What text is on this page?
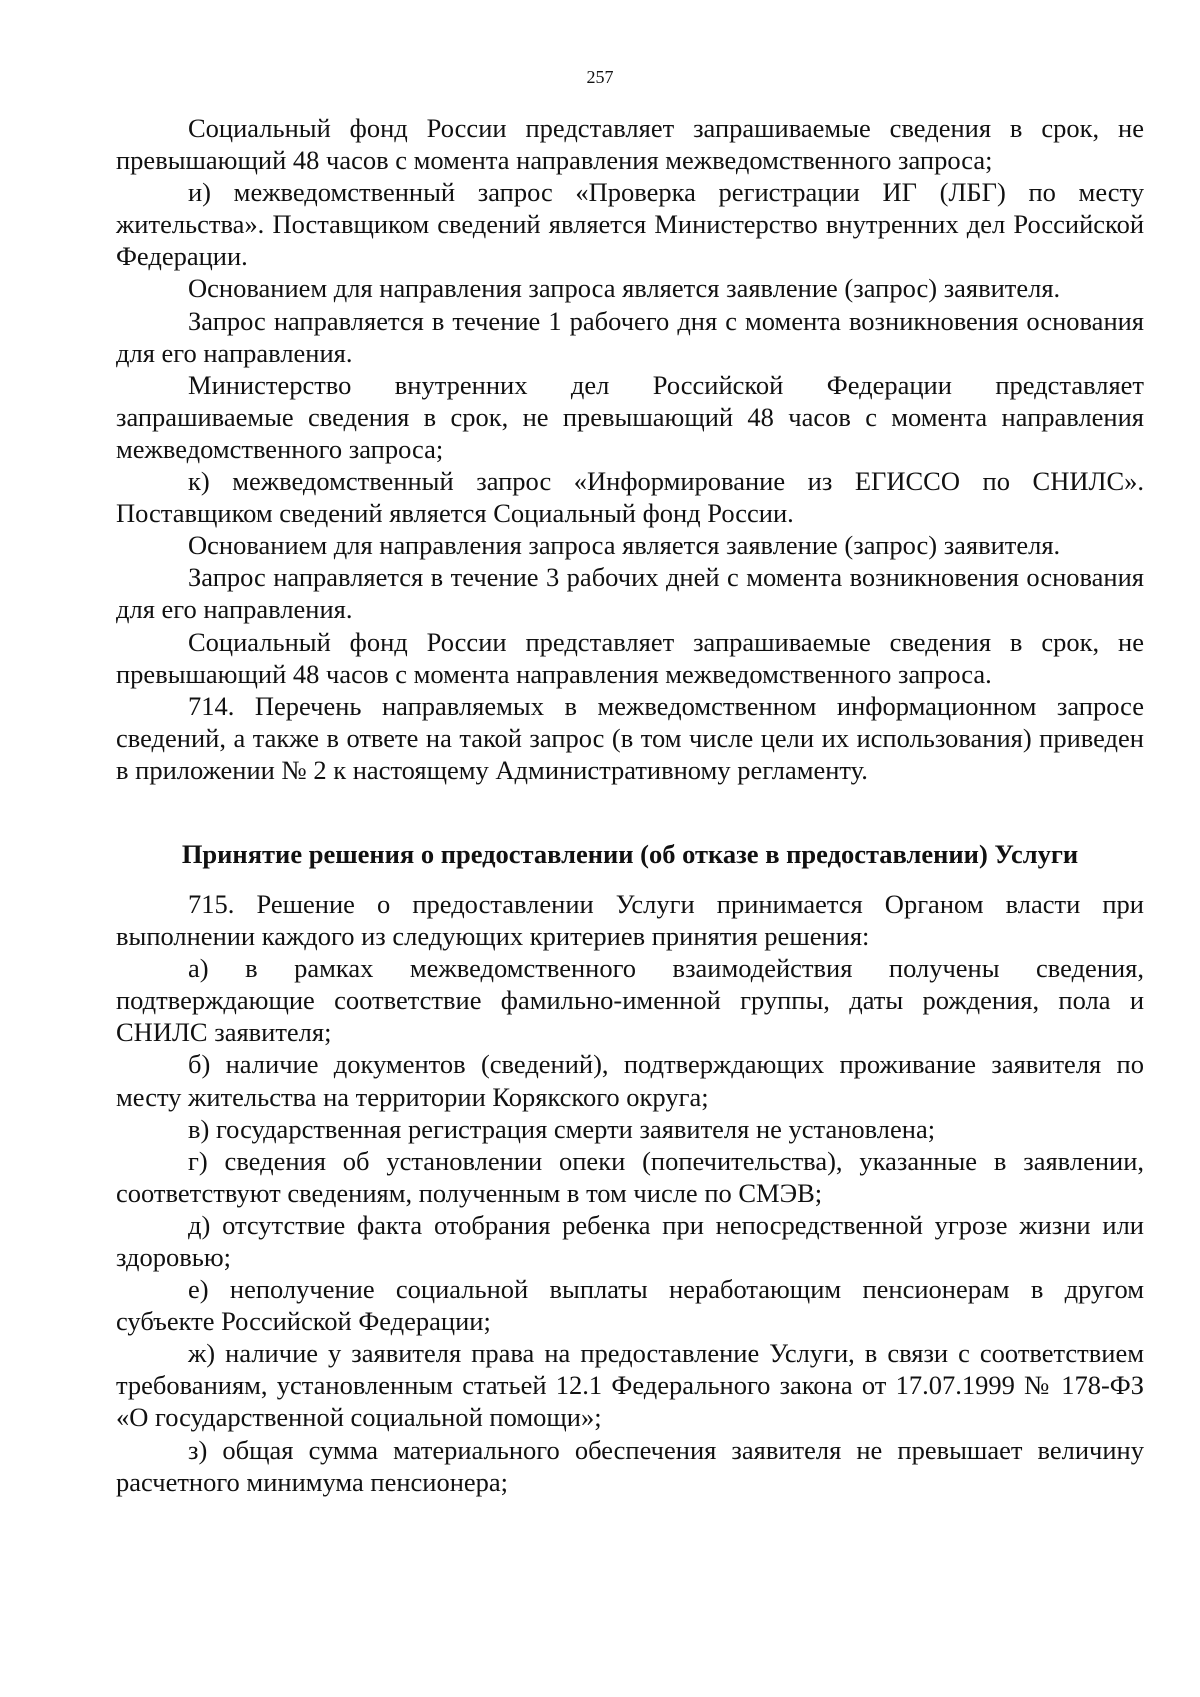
257

Социальный фонд России представляет запрашиваемые сведения в срок, не превышающий 48 часов с момента направления межведомственного запроса;

и) межведомственный запрос «Проверка регистрации ИГ (ЛБГ) по месту жительства». Поставщиком сведений является Министерство внутренних дел Российской Федерации.

Основанием для направления запроса является заявление (запрос) заявителя.

Запрос направляется в течение 1 рабочего дня с момента возникновения основания для его направления.

Министерство внутренних дел Российской Федерации представляет запрашиваемые сведения в срок, не превышающий 48 часов с момента направления межведомственного запроса;

к) межведомственный запрос «Информирование из ЕГИССО по СНИЛС». Поставщиком сведений является Социальный фонд России.

Основанием для направления запроса является заявление (запрос) заявителя.

Запрос направляется в течение 3 рабочих дней с момента возникновения основания для его направления.

Социальный фонд России представляет запрашиваемые сведения в срок, не превышающий 48 часов с момента направления межведомственного запроса.

714. Перечень направляемых в межведомственном информационном запросе сведений, а также в ответе на такой запрос (в том числе цели их использования) приведен в приложении № 2 к настоящему Административному регламенту.

Принятие решения о предоставлении (об отказе в предоставлении) Услуги

715. Решение о предоставлении Услуги принимается Органом власти при выполнении каждого из следующих критериев принятия решения:

а) в рамках межведомственного взаимодействия получены сведения, подтверждающие соответствие фамильно-именной группы, даты рождения, пола и СНИЛС заявителя;

б) наличие документов (сведений), подтверждающих проживание заявителя по месту жительства на территории Корякского округа;

в) государственная регистрация смерти заявителя не установлена;

г) сведения об установлении опеки (попечительства), указанные в заявлении, соответствуют сведениям, полученным в том числе по СМЭВ;

д) отсутствие факта отобрания ребенка при непосредственной угрозе жизни или здоровью;

е) неполучение социальной выплаты неработающим пенсионерам в другом субъекте Российской Федерации;

ж) наличие у заявителя права на предоставление Услуги, в связи с соответствием требованиям, установленным статьей 12.1 Федерального закона от 17.07.1999 № 178-ФЗ «О государственной социальной помощи»;

з) общая сумма материального обеспечения заявителя не превышает величину расчетного минимума пенсионера;
